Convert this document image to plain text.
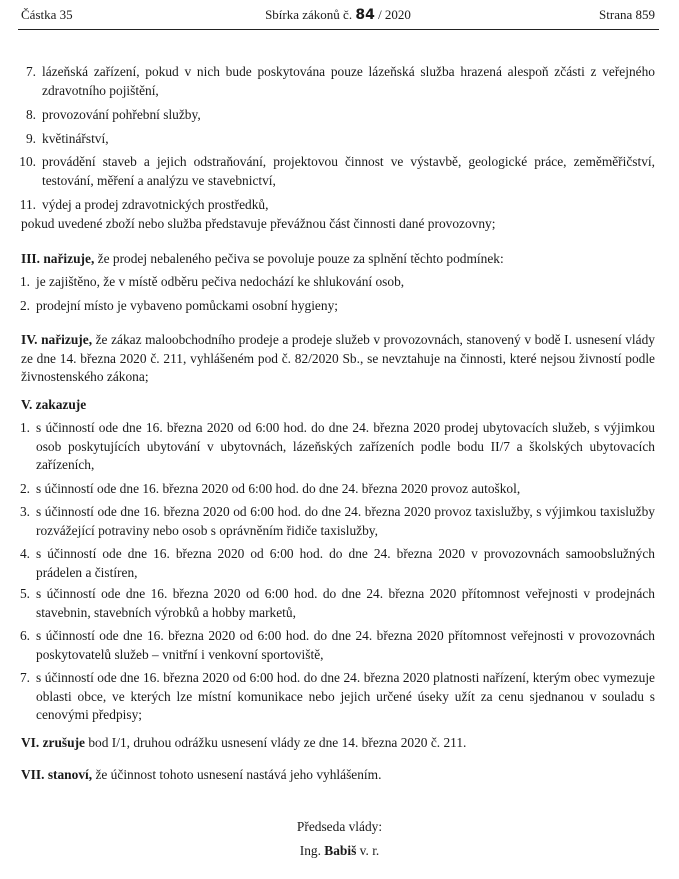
Částka 35	Sbírka zákonů č. 84 / 2020	Strana 859
7. lázeňská zařízení, pokud v nich bude poskytována pouze lázeňská služba hrazená alespoň zčásti z veřejného zdravotního pojištění,
8. provozování pohřební služby,
9. květinářství,
10. provádění staveb a jejich odstraňování, projektovou činnost ve výstavbě, geologické práce, zeměměřičství, testování, měření a analýzu ve stavebnictví,
11. výdej a prodej zdravotnických prostředků,
pokud uvedené zboží nebo služba představuje převážnou část činnosti dané provozovny;
III. nařizuje, že prodej nebaleného pečiva se povoluje pouze za splnění těchto podmínek:
1. je zajištěno, že v místě odběru pečiva nedochází ke shlukování osob,
2. prodejní místo je vybaveno pomůckami osobní hygieny;
IV. nařizuje, že zákaz maloobchodního prodeje a prodeje služeb v provozovnách, stanovený v bodě I. usnesení vlády ze dne 14. března 2020 č. 211, vyhlášeném pod č. 82/2020 Sb., se nevztahuje na činnosti, které nejsou živností podle živnostenského zákona;
V. zakazuje
1. s účinností ode dne 16. března 2020 od 6:00 hod. do dne 24. března 2020 prodej ubytovacích služeb, s výjimkou osob poskytujících ubytování v ubytovnách, lázeňských zařízeních podle bodu II/7 a školských ubytovacích zařízeních,
2. s účinností ode dne 16. března 2020 od 6:00 hod. do dne 24. března 2020 provoz autoškol,
3. s účinností ode dne 16. března 2020 od 6:00 hod. do dne 24. března 2020 provoz taxislužby, s výjimkou taxislužby rozvážející potraviny nebo osob s oprávněním řidiče taxislužby,
4. s účinností ode dne 16. března 2020 od 6:00 hod. do dne 24. března 2020 v provozovnách samoobslužných prádelen a čistíren,
5. s účinností ode dne 16. března 2020 od 6:00 hod. do dne 24. března 2020 přítomnost veřejnosti v prodejnách stavebnin, stavebních výrobků a hobby marketů,
6. s účinností ode dne 16. března 2020 od 6:00 hod. do dne 24. března 2020 přítomnost veřejnosti v provozovnách poskytovatelů služeb – vnitřní i venkovní sportoviště,
7. s účinností ode dne 16. března 2020 od 6:00 hod. do dne 24. března 2020 platnosti nařízení, kterým obec vymezuje oblasti obce, ve kterých lze místní komunikace nebo jejich určené úseky užít za cenu sjednanou v souladu s cenovými předpisy;
VI. zrušuje bod I/1, druhou odrážku usnesení vlády ze dne 14. března 2020 č. 211.
VII. stanoví, že účinnost tohoto usnesení nastává jeho vyhlášením.
Předseda vlády:
Ing. Babiš v. r.
